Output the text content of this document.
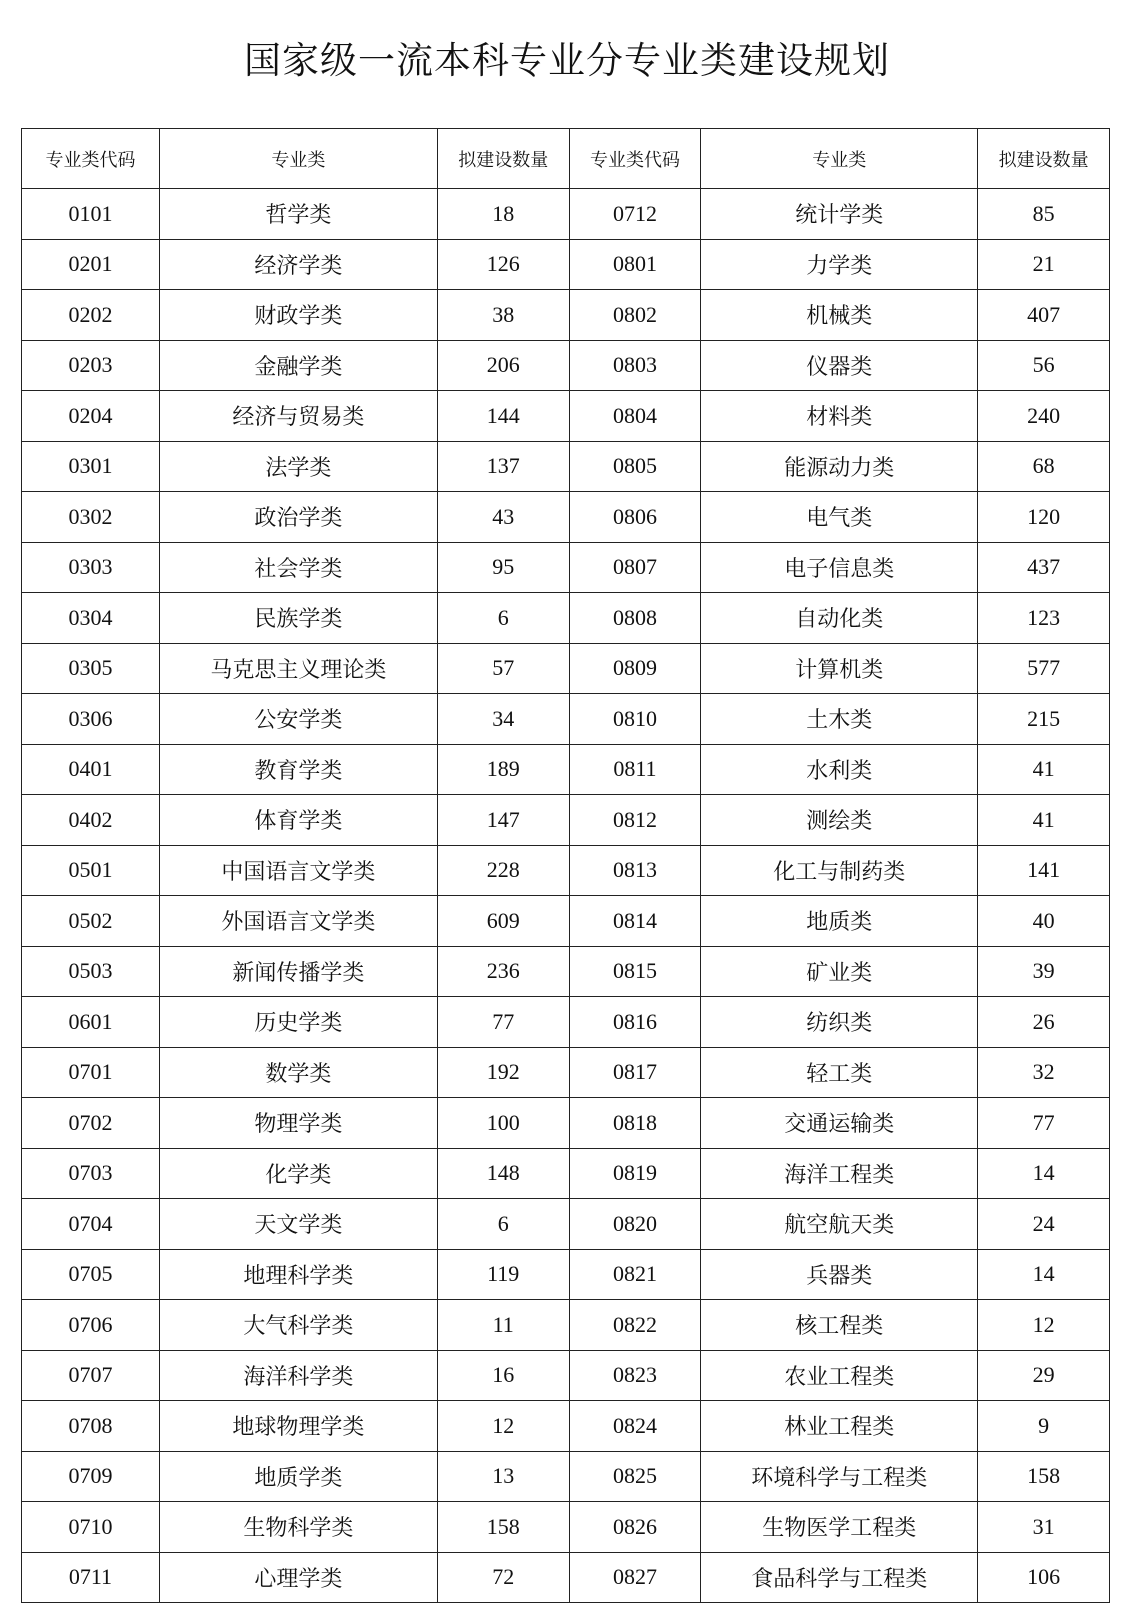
国家级一流本科专业分专业类建设规划
专业类代码	专业类	拟建设数量	专业类代码	专业类	拟建设数量
0101	哲学类	18	0712	统计学类	85
0201	经济学类	126	0801	力学类	21
0202	财政学类	38	0802	机械类	407
0203	金融学类	206	0803	仪器类	56
0204	经济与贸易类	144	0804	材料类	240
0301	法学类	137	0805	能源动力类	68
0302	政治学类	43	0806	电气类	120
0303	社会学类	95	0807	电子信息类	437
0304	民族学类	6	0808	自动化类	123
0305	马克思主义理论类	57	0809	计算机类	577
0306	公安学类	34	0810	土木类	215
0401	教育学类	189	0811	水利类	41
0402	体育学类	147	0812	测绘类	41
0501	中国语言文学类	228	0813	化工与制药类	141
0502	外国语言文学类	609	0814	地质类	40
0503	新闻传播学类	236	0815	矿业类	39
0601	历史学类	77	0816	纺织类	26
0701	数学类	192	0817	轻工类	32
0702	物理学类	100	0818	交通运输类	77
0703	化学类	148	0819	海洋工程类	14
0704	天文学类	6	0820	航空航天类	24
0705	地理科学类	119	0821	兵器类	14
0706	大气科学类	11	0822	核工程类	12
0707	海洋科学类	16	0823	农业工程类	29
0708	地球物理学类	12	0824	林业工程类	9
0709	地质学类	13	0825	环境科学与工程类	158
0710	生物科学类	158	0826	生物医学工程类	31
0711	心理学类	72	0827	食品科学与工程类	106
